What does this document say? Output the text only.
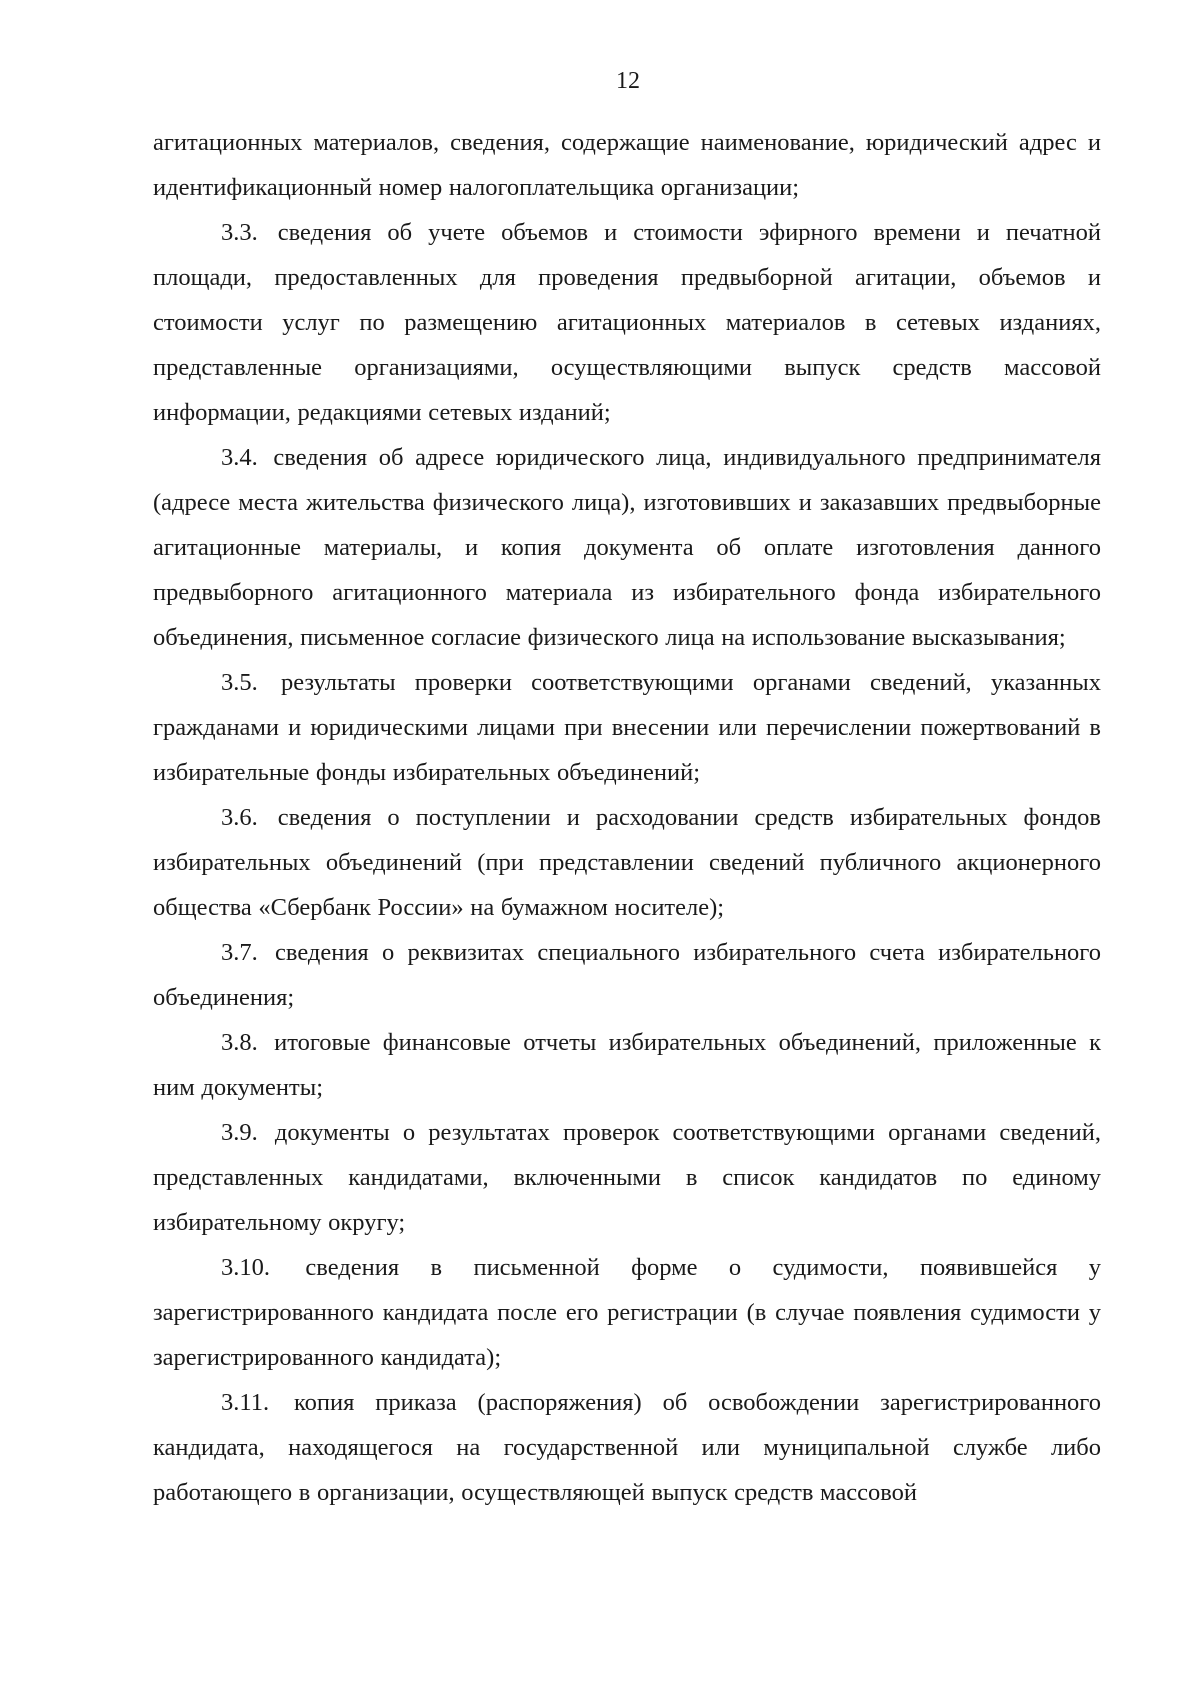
12

агитационных материалов, сведения, содержащие наименование, юридический адрес и идентификационный номер налогоплательщика организации;

3.3. сведения об учете объемов и стоимости эфирного времени и печатной площади, предоставленных для проведения предвыборной агитации, объемов и стоимости услуг по размещению агитационных материалов в сетевых изданиях, представленные организациями, осуществляющими выпуск средств массовой информации, редакциями сетевых изданий;

3.4. сведения об адресе юридического лица, индивидуального предпринимателя (адресе места жительства физического лица), изготовивших и заказавших предвыборные агитационные материалы, и копия документа об оплате изготовления данного предвыборного агитационного материала из избирательного фонда избирательного объединения, письменное согласие физического лица на использование высказывания;

3.5. результаты проверки соответствующими органами сведений, указанных гражданами и юридическими лицами при внесении или перечислении пожертвований в избирательные фонды избирательных объединений;

3.6. сведения о поступлении и расходовании средств избирательных фондов избирательных объединений (при представлении сведений публичного акционерного общества «Сбербанк России» на бумажном носителе);

3.7. сведения о реквизитах специального избирательного счета избирательного объединения;

3.8. итоговые финансовые отчеты избирательных объединений, приложенные к ним документы;

3.9. документы о результатах проверок соответствующими органами сведений, представленных кандидатами, включенными в список кандидатов по единому избирательному округу;

3.10. сведения в письменной форме о судимости, появившейся у зарегистрированного кандидата после его регистрации (в случае появления судимости у зарегистрированного кандидата);

3.11. копия приказа (распоряжения) об освобождении зарегистрированного кандидата, находящегося на государственной или муниципальной службе либо работающего в организации, осуществляющей выпуск средств массовой
